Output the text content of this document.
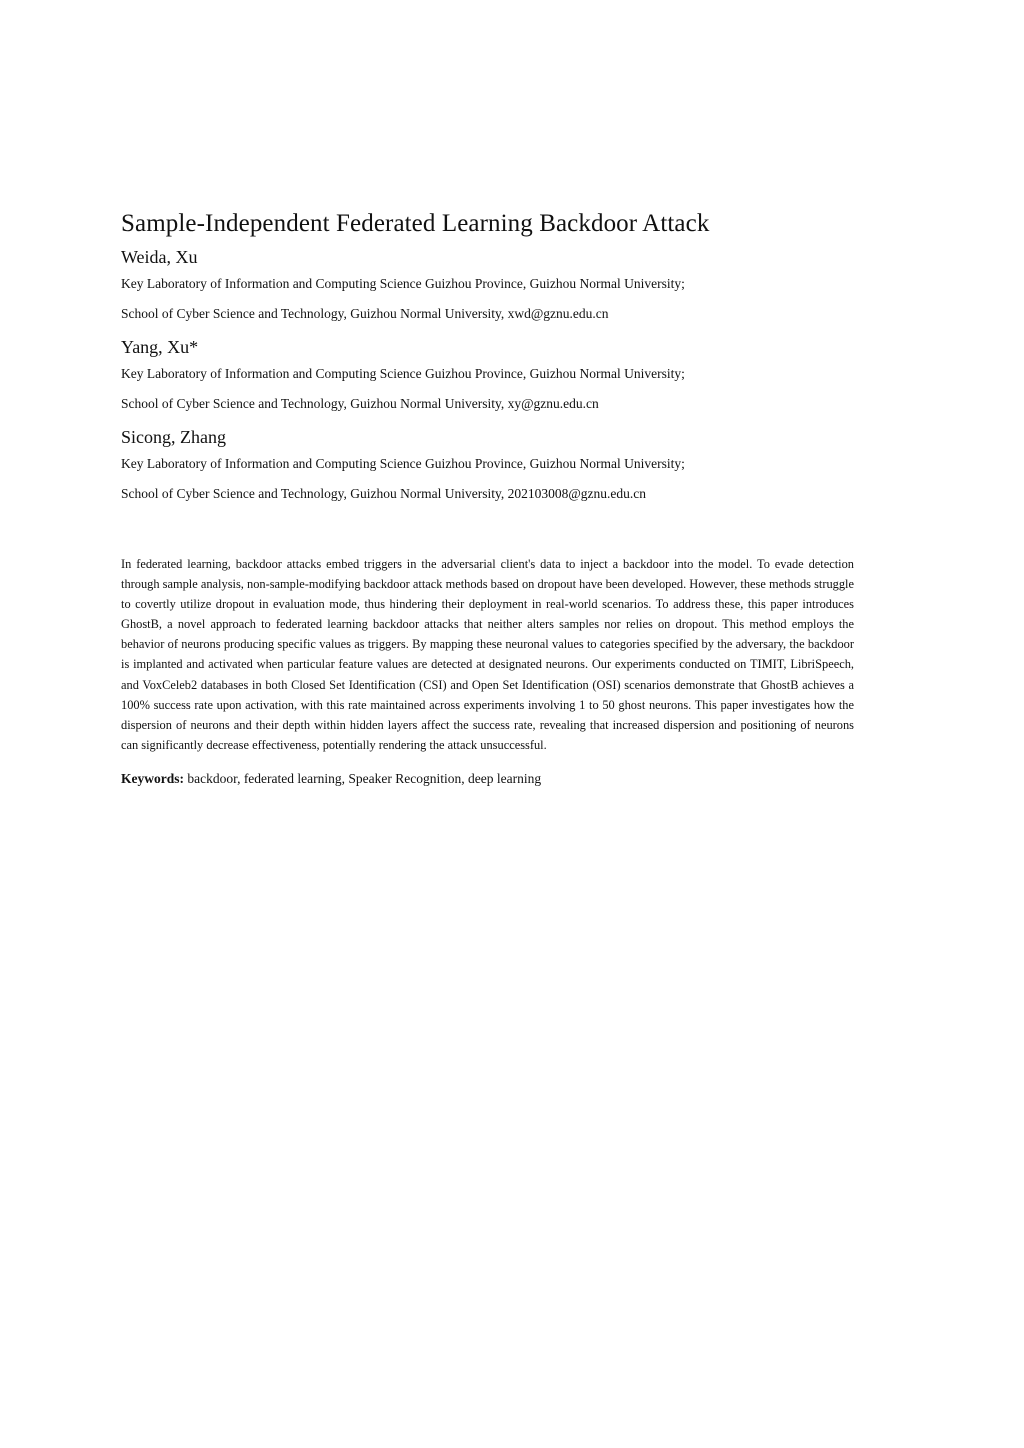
Sample-Independent Federated Learning Backdoor Attack
Weida, Xu
Key Laboratory of Information and Computing Science Guizhou Province, Guizhou Normal University;
School of Cyber Science and Technology, Guizhou Normal University, xwd@gznu.edu.cn
Yang, Xu*
Key Laboratory of Information and Computing Science Guizhou Province, Guizhou Normal University;
School of Cyber Science and Technology, Guizhou Normal University, xy@gznu.edu.cn
Sicong, Zhang
Key Laboratory of Information and Computing Science Guizhou Province, Guizhou Normal University;
School of Cyber Science and Technology, Guizhou Normal University, 202103008@gznu.edu.cn

In federated learning, backdoor attacks embed triggers in the adversarial client's data to inject a backdoor into the model. To evade detection through sample analysis, non-sample-modifying backdoor attack methods based on dropout have been developed. However, these methods struggle to covertly utilize dropout in evaluation mode, thus hindering their deployment in real-world scenarios. To address these, this paper introduces GhostB, a novel approach to federated learning backdoor attacks that neither alters samples nor relies on dropout. This method employs the behavior of neurons producing specific values as triggers. By mapping these neuronal values to categories specified by the adversary, the backdoor is implanted and activated when particular feature values are detected at designated neurons. Our experiments conducted on TIMIT, LibriSpeech, and VoxCeleb2 databases in both Closed Set Identification (CSI) and Open Set Identification (OSI) scenarios demonstrate that GhostB achieves a 100% success rate upon activation, with this rate maintained across experiments involving 1 to 50 ghost neurons. This paper investigates how the dispersion of neurons and their depth within hidden layers affect the success rate, revealing that increased dispersion and positioning of neurons can significantly decrease effectiveness, potentially rendering the attack unsuccessful.

Keywords: backdoor, federated learning, Speaker Recognition, deep learning
